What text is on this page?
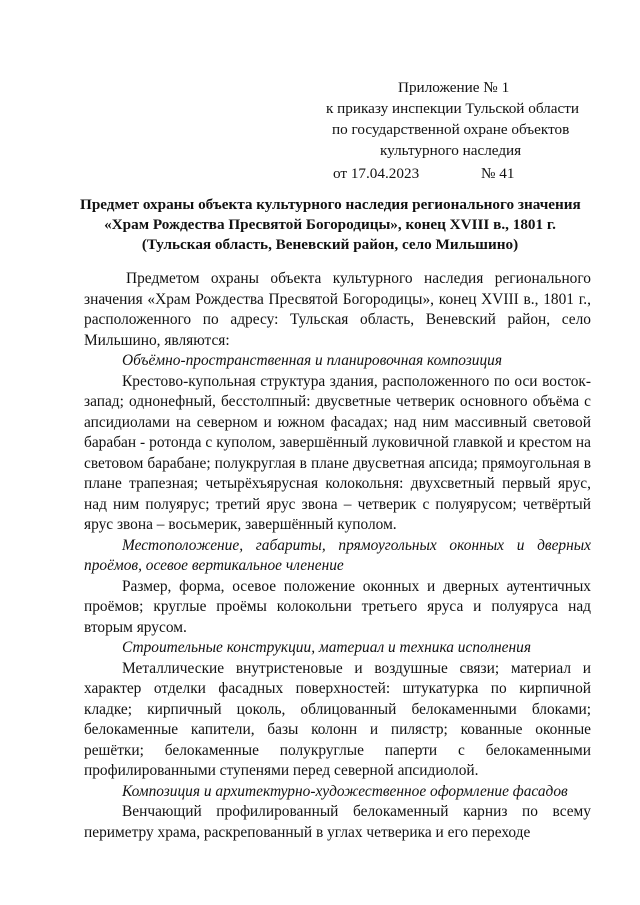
Приложение № 1
к приказу инспекции Тульской области
по государственной охране объектов
культурного наследия
от 17.04.2023	№ 41
Предмет охраны объекта культурного наследия регионального значения
«Храм Рождества Пресвятой Богородицы», конец XVIII в., 1801 г.
(Тульская область, Веневский район, село Мильшино)

Предметом охраны объекта культурного наследия регионального значения «Храм Рождества Пресвятой Богородицы», конец XVIII в., 1801 г., расположенного по адресу: Тульская область, Веневский район, село Мильшино, являются:

Объёмно-пространственная и планировочная композиция

Крестово-купольная структура здания, расположенного по оси восток-запад; однонефный, бесстолпный: двусветные четверик основного объёма с апсидиолами на северном и южном фасадах; над ним массивный световой барабан - ротонда с куполом, завершённый луковичной главкой и крестом на световом барабане; полукруглая в плане двусветная апсида; прямоугольная в плане трапезная; четырёхъярусная колокольня: двухсветный первый ярус, над ним полуярус; третий ярус звона – четверик с полуярусом; четвёртый ярус звона – восьмерик, завершённый куполом.

Местоположение, габариты, прямоугольных оконных и дверных проёмов, осевое вертикальное членение

Размер, форма, осевое положение оконных и дверных аутентичных проёмов; круглые проёмы колокольни третьего яруса и полуяруса над вторым ярусом.

Строительные конструкции, материал и техника исполнения

Металлические внутристеновые и воздушные связи; материал и характер отделки фасадных поверхностей: штукатурка по кирпичной кладке; кирпичный цоколь, облицованный белокаменными блоками; белокаменные капители, базы колонн и пилястр; кованные оконные решётки; белокаменные полукруглые паперти с белокаменными профилированными ступенями перед северной апсидиолой.

Композиция и архитектурно-художественное оформление фасадов

Венчающий профилированный белокаменный карниз по всему периметру храма, раскрепованный в углах четверика и его переходе
